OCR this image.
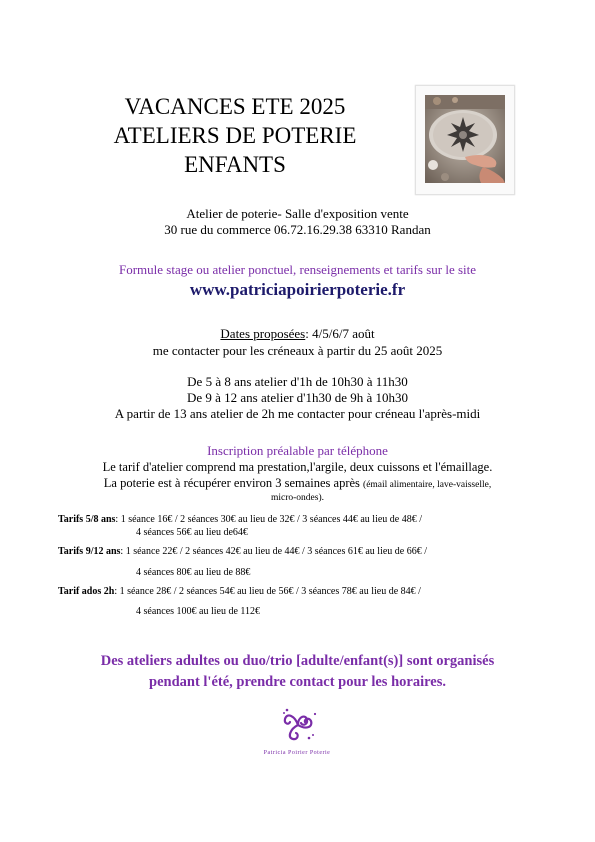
VACANCES ETE 2025
ATELIERS DE POTERIE
ENFANTS
Atelier de poterie- Salle d'exposition vente
30 rue du commerce 06.72.16.29.38 63310 Randan
Formule stage ou atelier ponctuel, renseignements et tarifs sur le site
www.patriciapoirierpoterie.fr
Dates proposées: 4/5/6/7 août
me contacter pour les créneaux à partir du 25 août 2025
De 5 à 8 ans atelier d'1h de 10h30 à 11h30
De 9 à 12 ans atelier d'1h30 de 9h à 10h30
A partir de 13 ans atelier de 2h me contacter pour créneau l'après-midi
Inscription préalable par téléphone
Le tarif d'atelier comprend ma prestation,l'argile, deux cuissons et l'émaillage.
La poterie est à récupérer environ 3 semaines après (émail alimentaire, lave-vaisselle,
micro-ondes).
Tarifs 5/8 ans: 1 séance 16€ / 2 séances 30€ au lieu de 32€ / 3 séances 44€ au lieu de 48€ /
4 séances 56€ au lieu de64€
Tarifs 9/12 ans: 1 séance 22€ / 2 séances 42€ au lieu de 44€ / 3 séances 61€ au lieu de 66€ /
4 séances 80€ au lieu de 88€
Tarif ados 2h: 1 séance 28€ / 2 séances 54€ au lieu de 56€ / 3 séances 78€ au lieu de 84€ /
4 séances 100€ au lieu de 112€
Des ateliers adultes ou duo/trio [adulte/enfant(s)] sont organisés
pendant l'été, prendre contact pour les horaires.
Patricia Poirier Poterie
